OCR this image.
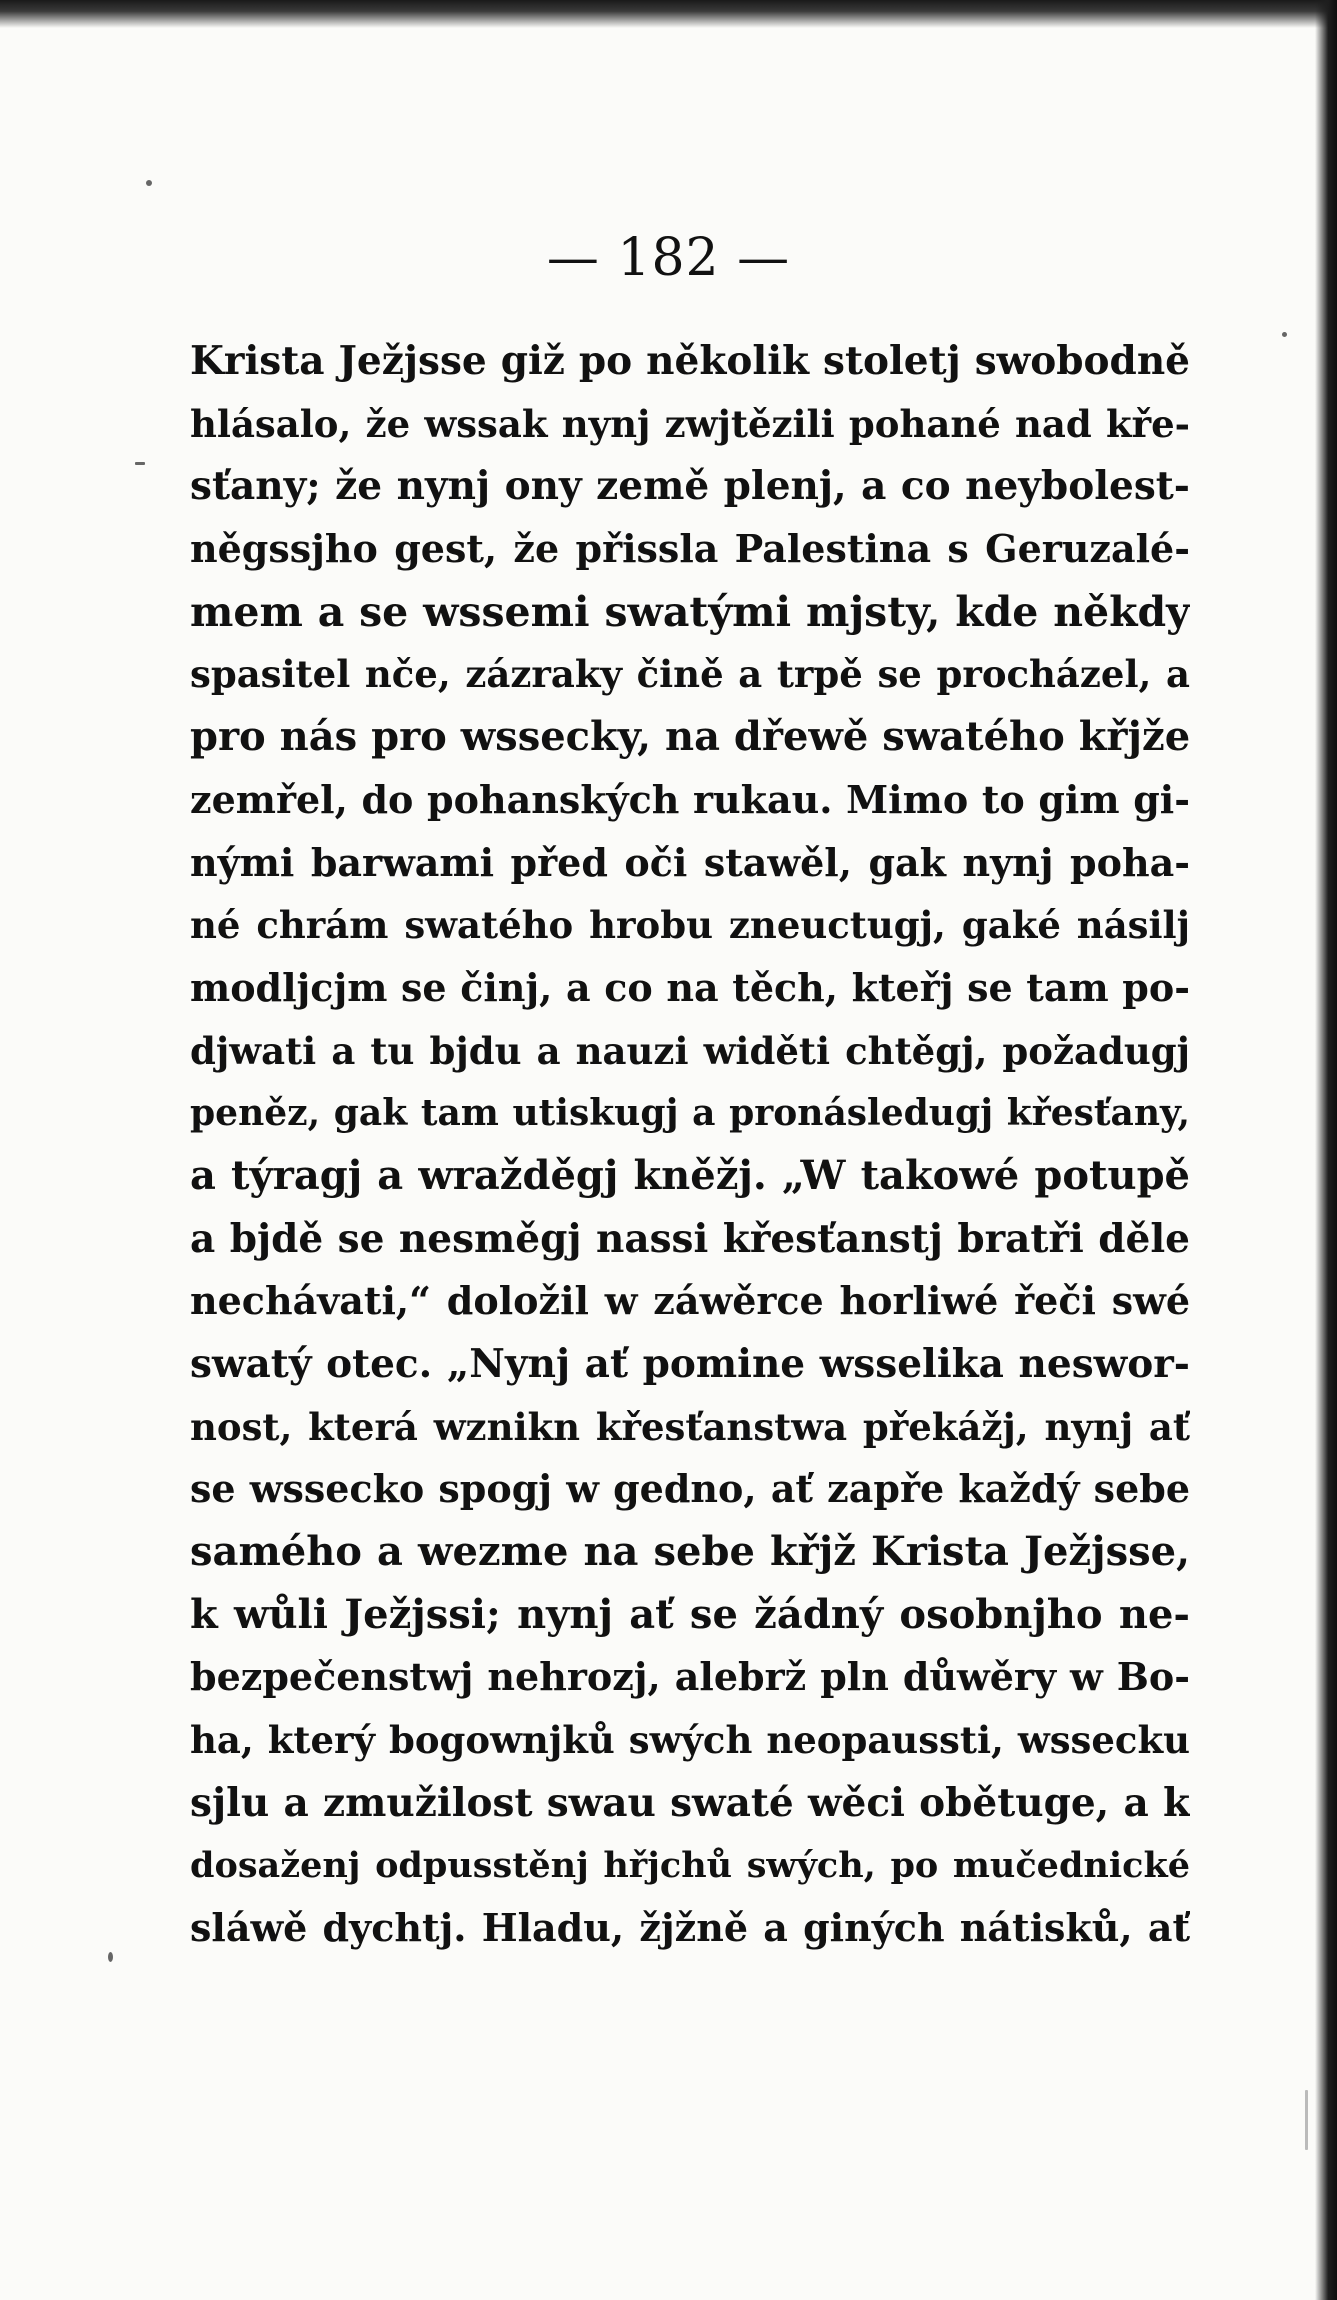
— 182 —
Krista Ježjsse giž po několik stoletj swobodně
hlásalo, že wssak nynj zwjtězili pohané nad kře-
sťany; že nynj ony země plenj, a co neybolest-
něgssjho gest, že přissla Palestina s Geruzalé-
mem a se wssemi swatými mjsty, kde někdy
spasitel nče, zázraky čině a trpě se procházel, a
pro nás pro wssecky, na dřewě swatého křjže
zemřel, do pohanských rukau. Mimo to gim gi-
nými barwami před oči stawěl, gak nynj poha-
né chrám swatého hrobu zneuctugj, gaké násilj
modljcjm se činj, a co na těch, kteřj se tam po-
djwati a tu bjdu a nauzi widěti chtěgj, požadugj
peněz, gak tam utiskugj a pronásledugj křesťany,
a týragj a wražděgj kněžj. „W takowé potupě
a bjdě se nesměgj nassi křesťanstj bratři děle
nechávati,“ doložil w záwěrce horliwé řeči swé
swatý otec. „Nynj ať pomine wsselika neswor-
nost, která wznikn křesťanstwa překážj, nynj ať
se wssecko spogj w gedno, ať zapře každý sebe
samého a wezme na sebe křjž Krista Ježjsse,
k wůli Ježjssi; nynj ať se žádný osobnjho ne-
bezpečenstwj nehrozj, alebrž pln důwěry w Bo-
ha, který bogownjků swých neopaussti, wssecku
sjlu a zmužilost swau swaté wěci obětuge, a k
dosaženj odpusstěnj hřjchů swých, po mučednické
sláwě dychtj. Hladu, žjžně a giných nátisků, ať
